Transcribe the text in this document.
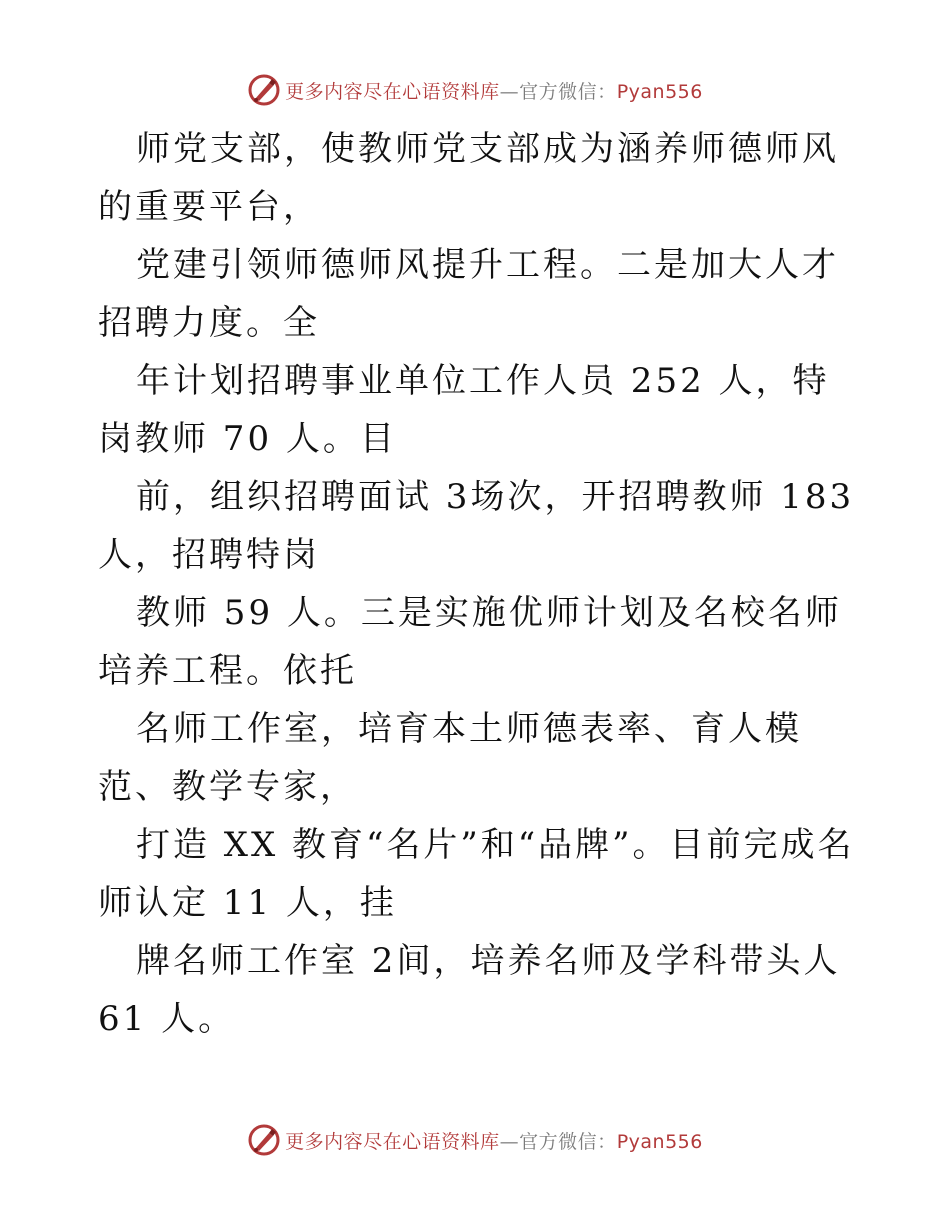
更多内容尽在心语资料库—官方微信：Pyan556

师党支部，使教师党支部成为涵养师德师风的重要平台，

党建引领师德师风提升工程。二是加大人才招聘力度。全

年计划招聘事业单位工作人员 252 人，特岗教师 70 人。目

前，组织招聘面试 3场次，开招聘教师 183 人，招聘特岗

教师 59 人。三是实施优师计划及名校名师培养工程。依托

名师工作室，培育本土师德表率、育人模范、教学专家，

打造 XX 教育“名片”和“品牌”。目前完成名师认定 11 人，挂

牌名师工作室 2间，培养名师及学科带头人 61 人。

更多内容尽在心语资料库—官方微信：Pyan556
